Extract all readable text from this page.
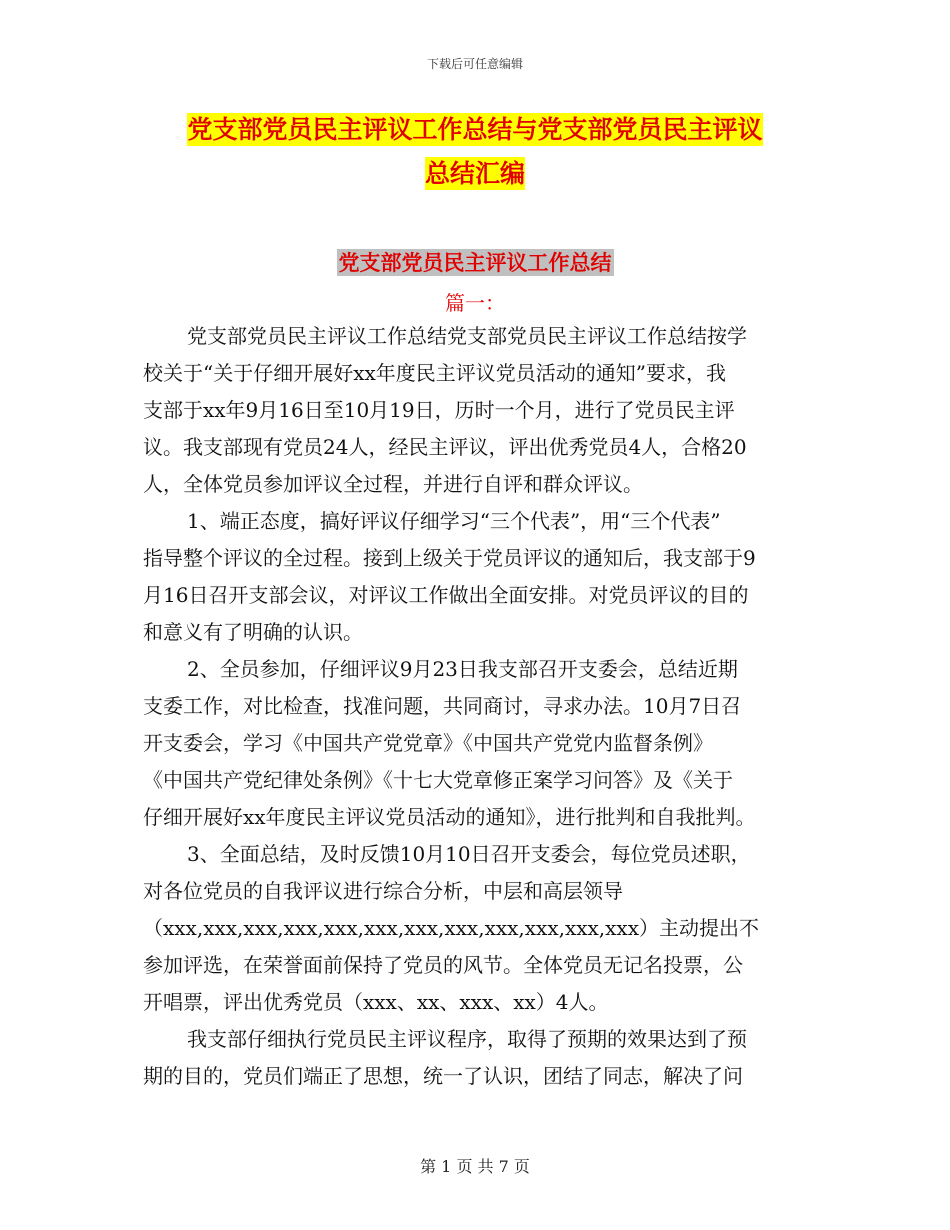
下载后可任意编辑
党支部党员民主评议工作总结与党支部党员民主评议
总结汇编
党支部党员民主评议工作总结
篇一：
党支部党员民主评议工作总结党支部党员民主评议工作总结按学
校关于“关于仔细开展好xx年度民主评议党员活动的通知”要求，我
支部于xx年9月16日至10月19日，历时一个月，进行了党员民主评
议。我支部现有党员24人，经民主评议，评出优秀党员4人，合格20
人，全体党员参加评议全过程，并进行自评和群众评议。
1、端正态度，搞好评议仔细学习“三个代表”，用“三个代表”
指导整个评议的全过程。接到上级关于党员评议的通知后，我支部于9
月16日召开支部会议，对评议工作做出全面安排。对党员评议的目的
和意义有了明确的认识。
2、全员参加，仔细评议9月23日我支部召开支委会，总结近期
支委工作，对比检查，找准问题，共同商讨，寻求办法。10月7日召
开支委会，学习《中国共产党党章》《中国共产党党内监督条例》
《中国共产党纪律处条例》《十七大党章修正案学习问答》及《关于
仔细开展好xx年度民主评议党员活动的通知》，进行批判和自我批判。
3、全面总结，及时反馈10月10日召开支委会，每位党员述职，
对各位党员的自我评议进行综合分析，中层和高层领导
（xxx,xxx,xxx,xxx,xxx,xxx,xxx,xxx,xxx,xxx,xxx,xxx）主动提出不
参加评选，在荣誉面前保持了党员的风节。全体党员无记名投票，公
开唱票，评出优秀党员（xxx、xx、xxx、xx）4人。
我支部仔细执行党员民主评议程序，取得了预期的效果达到了预
期的目的，党员们端正了思想，统一了认识，团结了同志，解决了问
第 1 页 共 7 页
